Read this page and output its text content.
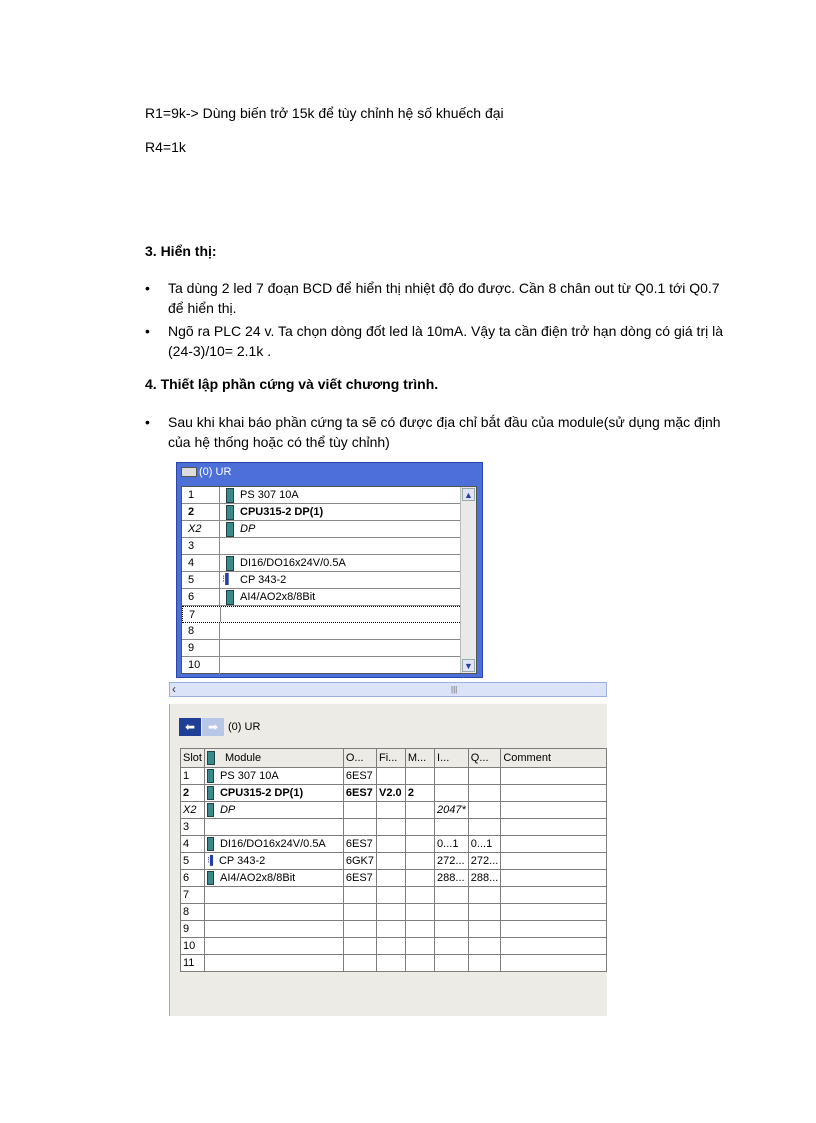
R1=9k-> Dùng biến trở 15k để tùy chỉnh hệ số khuếch đại
R4=1k
3. Hiển thị:
• Ta dùng 2 led 7 đoạn BCD để hiển thị nhiệt độ đo được. Cần 8 chân out từ Q0.1 tới Q0.7 để hiển thị.
• Ngõ ra PLC 24 v. Ta chọn dòng đốt led là 10mA. Vậy ta cần điện trở hạn dòng có giá trị là (24-3)/10= 2.1k .
4. Thiết lập phần cứng và viết chương trình.
• Sau khi khai báo phần cứng ta sẽ có được địa chỉ bắt đầu của module(sử dụng mặc định của hệ thống hoặc có thể tùy chỉnh)
(0) UR
1	PS 307 10A
2	CPU315-2 DP(1)
X2	DP
3
4	DI16/DO16x24V/0.5A
5	⁝▌ CP 343-2
6	AI4/AO2x8/8Bit
7
8
9
10
▲
▼
‹	|||
⬅	➡ (0) UR
Slot	Module	O...	Fi...	M...	I...	Q...	Comment
1	PS 307 10A	6ES7					
2	CPU315-2 DP(1)	6ES7	V2.0	2			
X2	DP				2047*		
3							
4	DI16/DO16x24V/0.5A	6ES7			0...1	0...1	
5	⁝▌ CP 343-2	6GK7			272...	272...	
6	AI4/AO2x8/8Bit	6ES7			288...	288...	
7							
8							
9							
10							
11							
